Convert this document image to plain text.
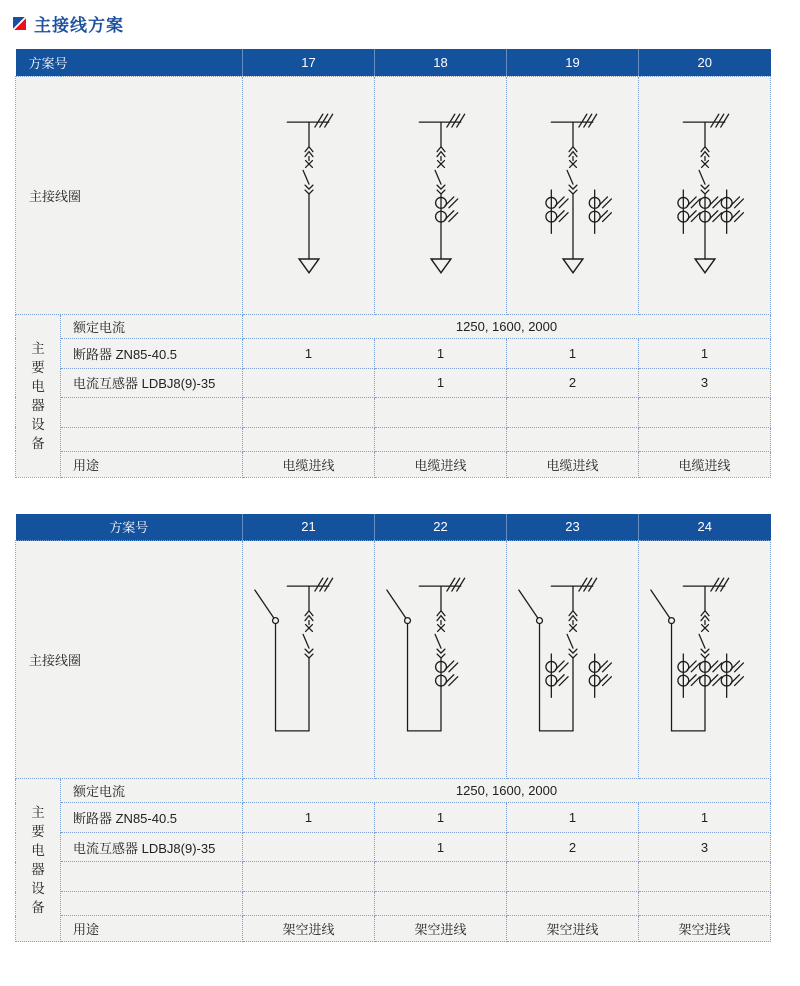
主接线方案
方案号		17	18	19	20
主接线圈				

主要电器设备	额定电流	1250, 1600, 2000			
	断路器 ZN85-40.5	1	1	1	1
	电流互感器 LDBJ8(9)-35		1	2	3

	用途	电缆进线	电缆进线	电缆进线	电缆进线
方案号		21	22	23	24
主接线圈				

主要电器设备	额定电流	1250, 1600, 2000			
	断路器 ZN85-40.5	1	1	1	1
	电流互感器 LDBJ8(9)-35		1	2	3

	用途	架空进线	架空进线	架空进线	架空进线
